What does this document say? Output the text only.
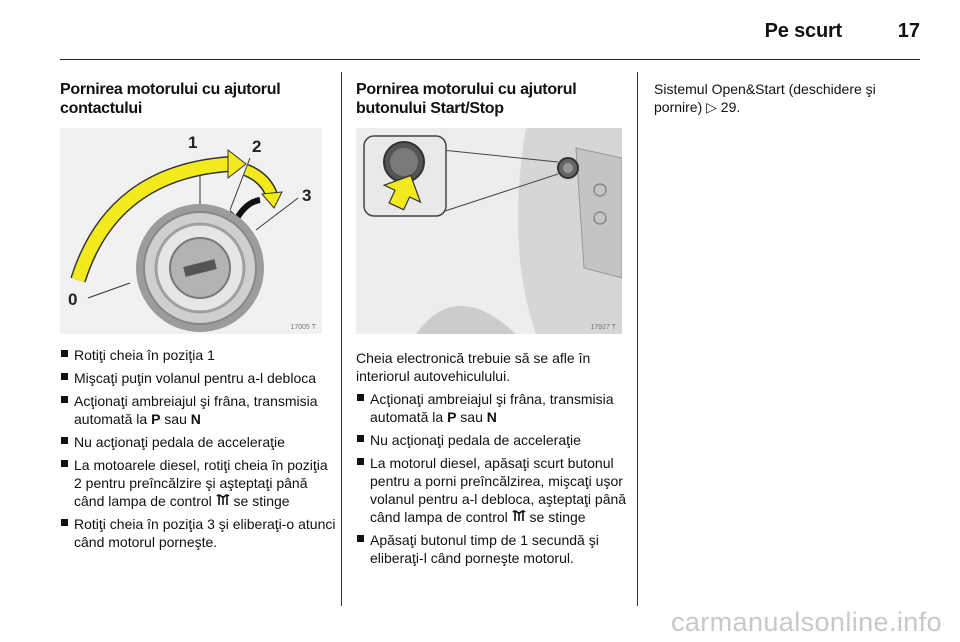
Pe scurt	17
Pornirea motorului cu ajutorul contactului
1	2
3
0
17005 T
Rotiţi cheia în poziţia 1
Mişcaţi puţin volanul pentru a-l debloca
Acţionaţi ambreiajul şi frâna, transmisia automată la P sau N
Nu acţionaţi pedala de acceleraţie
La motoarele diesel, rotiţi cheia în poziţia 2 pentru preîncălzire şi aşteptaţi până când lampa de control  se stinge
Rotiţi cheia în poziţia 3 şi eliberaţi-o atunci când motorul porneşte.
Pornirea motorului cu ajutorul butonului Start/Stop
17927 T
Cheia electronică trebuie să se afle în interiorul autovehiculului.
Acţionaţi ambreiajul şi frâna, transmisia automată la P sau N
Nu acţionaţi pedala de acceleraţie
La motorul diesel, apăsaţi scurt butonul pentru a porni preîncălzirea, mişcaţi uşor volanul pentru a-l debloca, aşteptaţi până când lampa de control  se stinge
Apăsaţi butonul timp de 1 secundă şi eliberaţi-l când porneşte motorul.
Sistemul Open&Start (deschidere şi pornire) ▷ 29.
carmanualsonline.info
